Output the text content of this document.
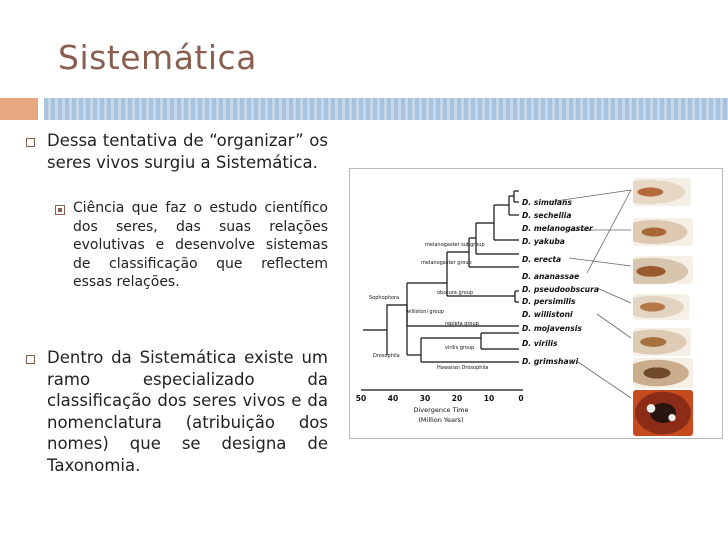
Sistemática
Dessa tentativa de “organizar” os seres vivos surgiu a Sistemática.
Ciência que faz o estudo científico dos seres, das suas relações evolutivas e desenvolve sistemas de classificação que reflectem essas relações.
Dentro da Sistemática existe um ramo especializado da classificação dos seres vivos e da nomenclatura (atribuição dos nomes) que se designa de Taxonomia.
D. simulans
D. sechellia
D. melanogaster
D. yakuba
D. erecta
D. ananassae
D. pseudoobscura
D. persimilis
D. willistoni
D. mojavensis
D. virilis
D. grimshawi
melanogaster subgroup
melanogaster group
obscura group
Sophophora
willistoni group
repleta group
virilis group
Drosophila
Hawaiian Drosophila
50	40	30	20	10	0
Divergence Time
(Million Years)
